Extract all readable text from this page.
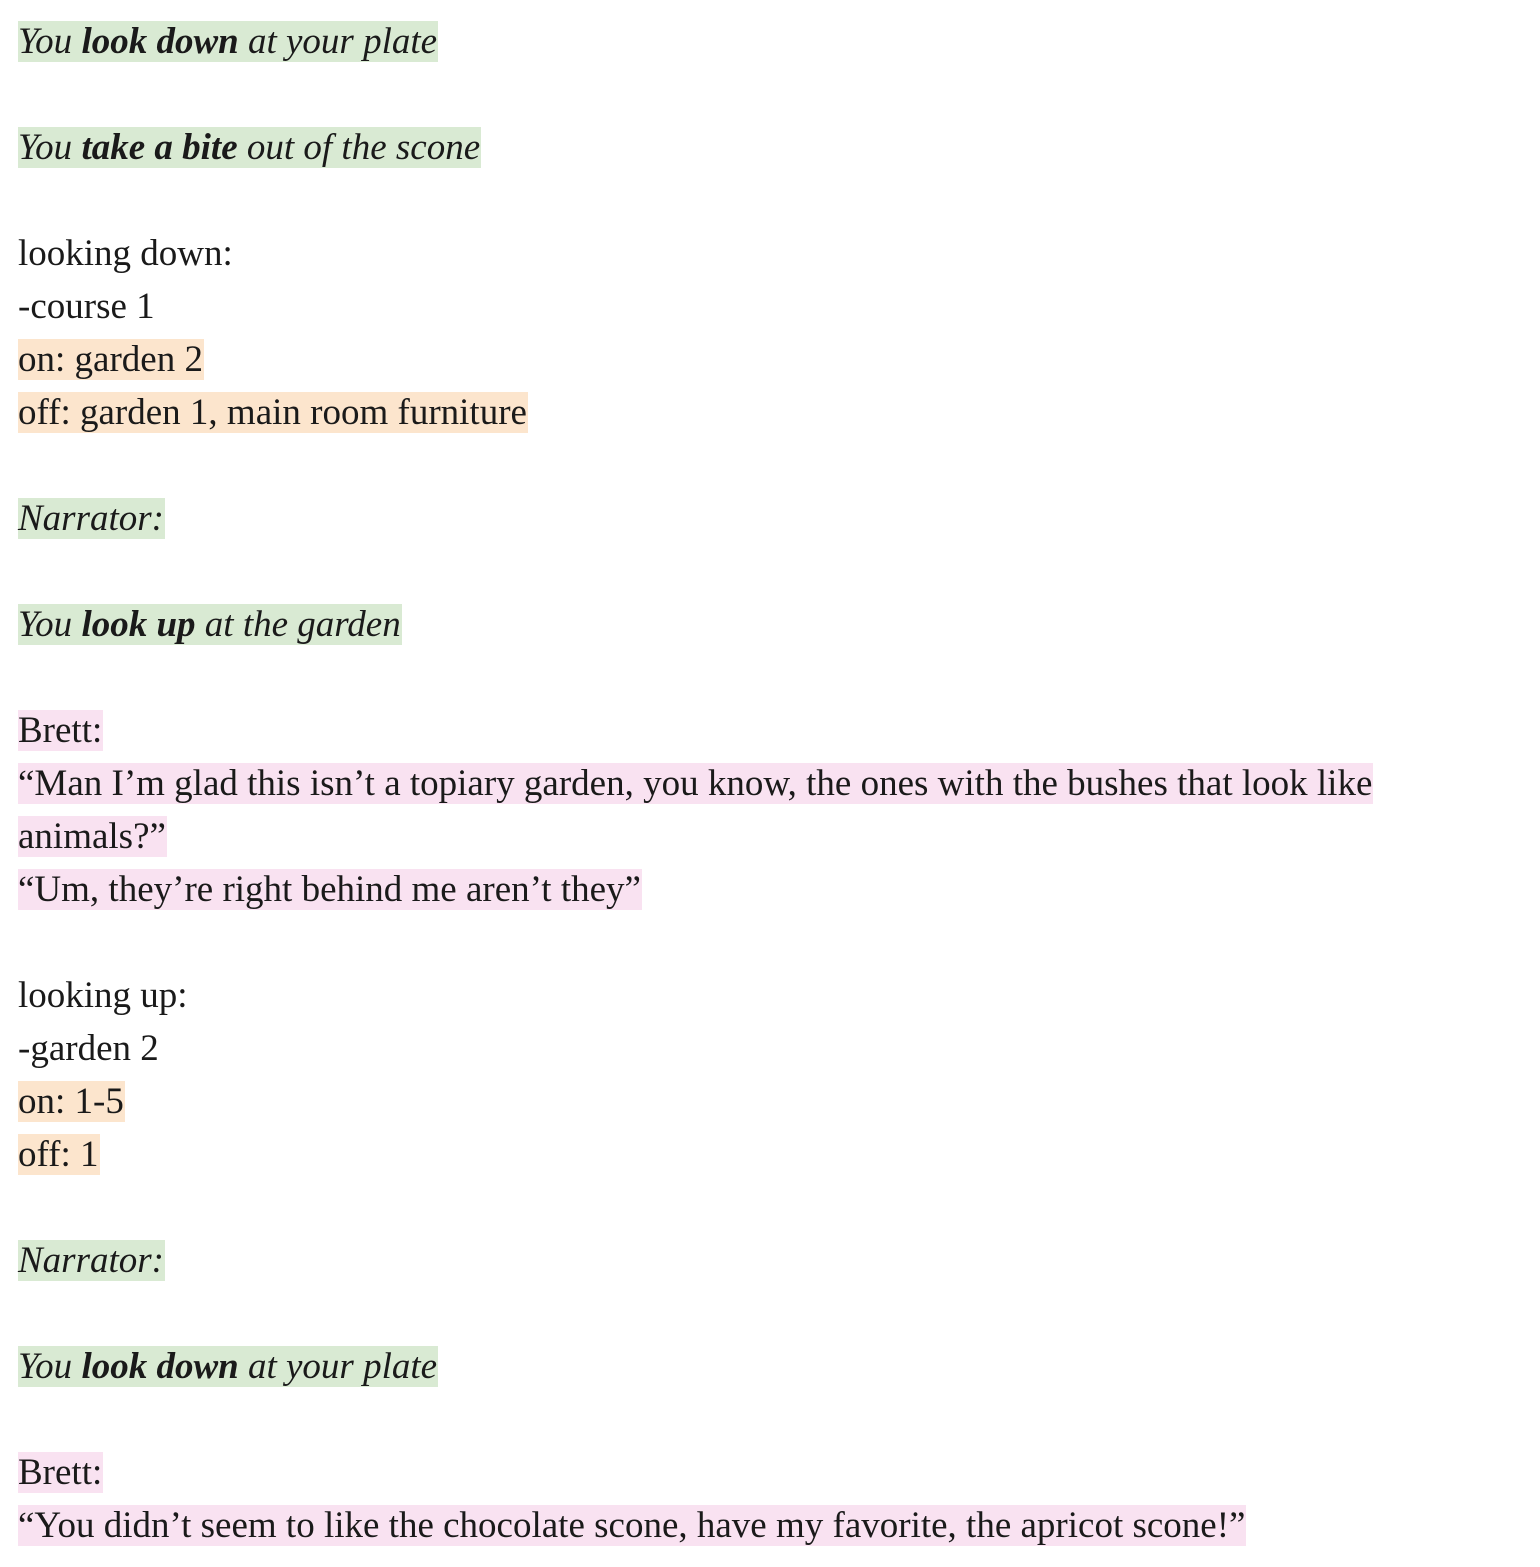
You look down at your plate
You take a bite out of the scone
looking down:
-course 1
on: garden 2
off: garden 1, main room furniture
Narrator:
You look up at the garden
Brett:
“Man I’m glad this isn’t a topiary garden, you know, the ones with the bushes that look like animals?”
“Um, they’re right behind me aren’t they”
looking up:
-garden 2
on: 1-5
off: 1
Narrator:
You look down at your plate
Brett:
“You didn’t seem to like the chocolate scone, have my favorite, the apricot scone!”
